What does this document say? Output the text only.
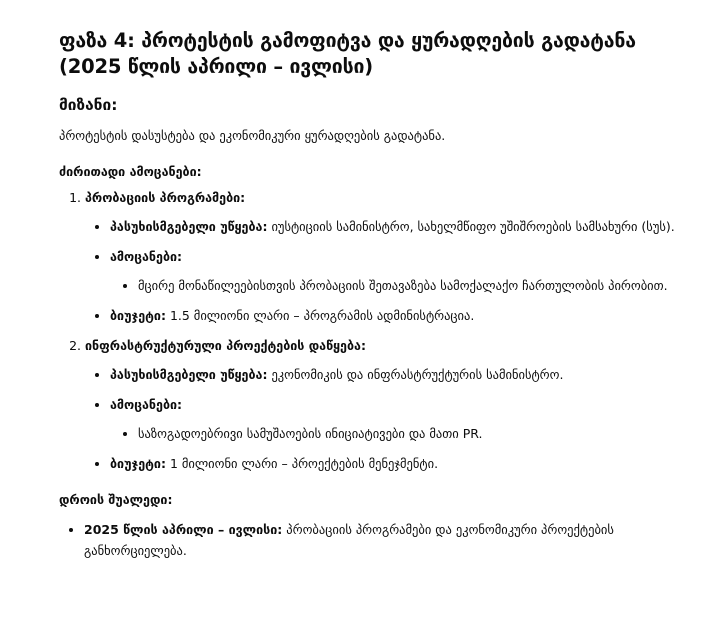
ფაზა 4: პროტესტის გამოფიტვა და ყურადღების გადატანა (2025 წლის აპრილი – ივლისი)
მიზანი:

პროტესტის დასუსტება და ეკონომიკური ყურადღების გადატანა.

ძირითადი ამოცანები:
1. პრობაციის პროგრამები:
• პასუხისმგებელი უწყება: იუსტიციის სამინისტრო, სახელმწიფო უშიშროების სამსახური (სუს).
• ამოცანები:
• მცირე მონაწილეებისთვის პრობაციის შეთავაზება სამოქალაქო ჩართულობის პირობით.
• ბიუჯეტი: 1.5 მილიონი ლარი – პროგრამის ადმინისტრაცია.
2. ინფრასტრუქტურული პროექტების დაწყება:
• პასუხისმგებელი უწყება: ეკონომიკის და ინფრასტრუქტურის სამინისტრო.
• ამოცანები:
• საზოგადოებრივი სამუშაოების ინიციატივები და მათი PR.
• ბიუჯეტი: 1 მილიონი ლარი – პროექტების მენეჯმენტი.
დროის შუალედი:
• 2025 წლის აპრილი – ივლისი: პრობაციის პროგრამები და ეკონომიკური პროექტების განხორციელება.
